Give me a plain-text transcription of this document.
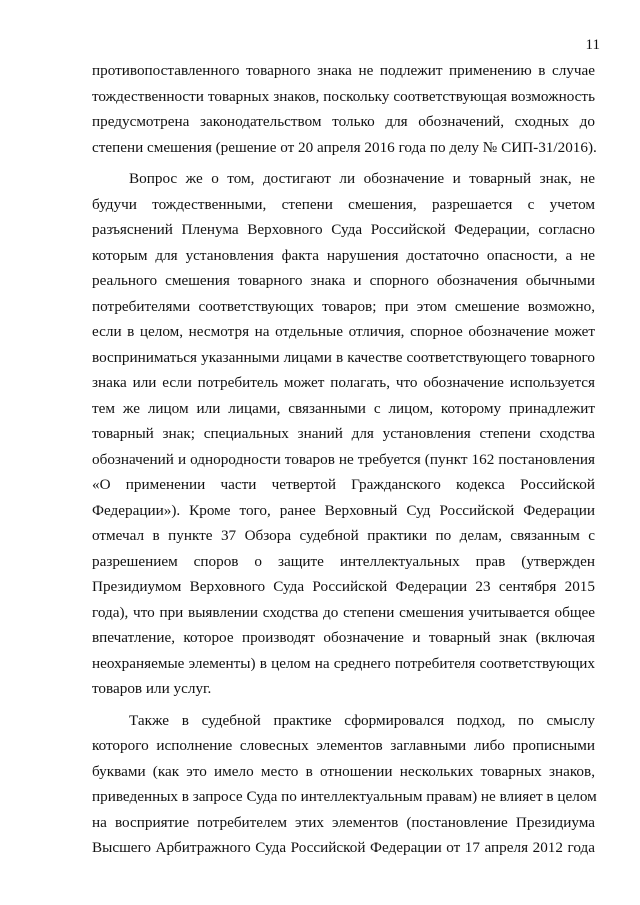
11
противопоставленного товарного знака не подлежит применению в случае
тождественности товарных знаков, поскольку соответствующая возможность
предусмотрена законодательством только для обозначений, сходных до
степени смешения (решение от 20 апреля 2016 года по делу № СИП-31/2016).
Вопрос же о том, достигают ли обозначение и товарный знак, не
будучи тождественными, степени смешения, разрешается с учетом
разъяснений Пленума Верховного Суда Российской Федерации, согласно
которым для установления факта нарушения достаточно опасности, а не
реального смешения товарного знака и спорного обозначения обычными
потребителями соответствующих товаров; при этом смешение возможно,
если в целом, несмотря на отдельные отличия, спорное обозначение может
восприниматься указанными лицами в качестве соответствующего товарного
знака или если потребитель может полагать, что обозначение используется
тем же лицом или лицами, связанными с лицом, которому принадлежит
товарный знак; специальных знаний для установления степени сходства
обозначений и однородности товаров не требуется (пункт 162 постановления
«О применении части четвертой Гражданского кодекса Российской
Федерации»). Кроме того, ранее Верховный Суд Российской Федерации
отмечал в пункте 37 Обзора судебной практики по делам, связанным с
разрешением споров о защите интеллектуальных прав (утвержден
Президиумом Верховного Суда Российской Федерации 23 сентября 2015
года), что при выявлении сходства до степени смешения учитывается общее
впечатление, которое производят обозначение и товарный знак (включая
неохраняемые элементы) в целом на среднего потребителя соответствующих
товаров или услуг.
Также в судебной практике сформировался подход, по смыслу
которого исполнение словесных элементов заглавными либо прописными
буквами (как это имело место в отношении нескольких товарных знаков,
приведенных в запросе Суда по интеллектуальным правам) не влияет в целом
на восприятие потребителем этих элементов (постановление Президиума
Высшего Арбитражного Суда Российской Федерации от 17 апреля 2012 года
